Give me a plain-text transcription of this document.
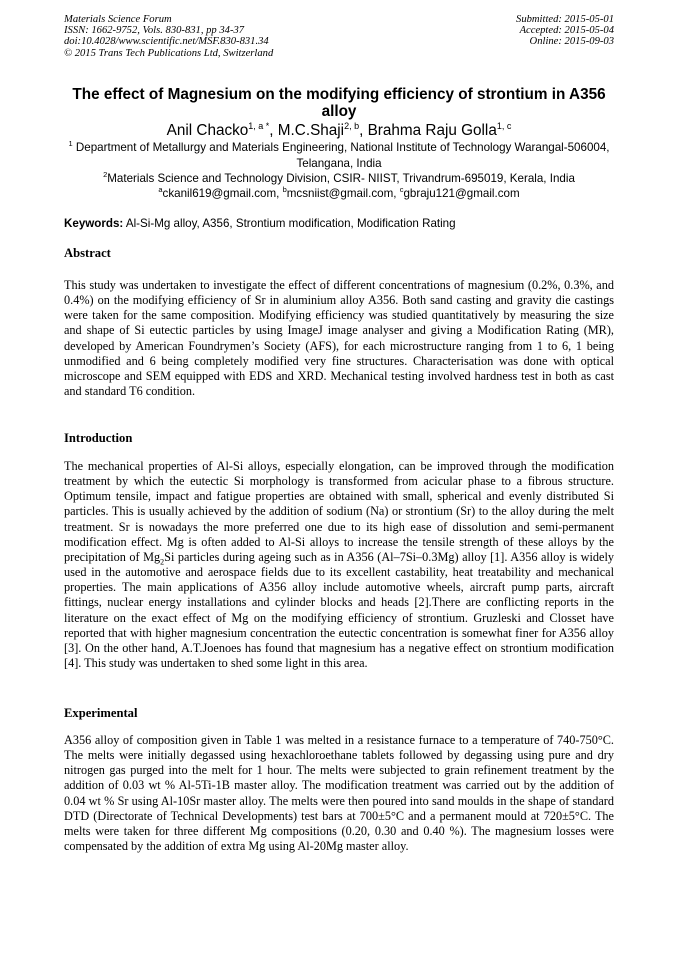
Materials Science Forum
ISSN: 1662-9752, Vols. 830-831, pp 34-37
doi:10.4028/www.scientific.net/MSF.830-831.34
© 2015 Trans Tech Publications Ltd, Switzerland
Submitted: 2015-05-01
Accepted: 2015-05-04
Online: 2015-09-03
The effect of Magnesium on the modifying efficiency of strontium in A356 alloy
Anil Chacko$^{1, a *}$, M.C.Shaji$^{2, b}$, Brahma Raju Golla$^{1, c}$
$^1$ Department of Metallurgy and Materials Engineering, National Institute of Technology Warangal-506004, Telangana, India
$^2$Materials Science and Technology Division, CSIR- NIIST, Trivandrum-695019, Kerala, India
$^a$ckanil619@gmail.com, $^b$mcsniist@gmail.com, $^c$gbraju121@gmail.com
Keywords: Al-Si-Mg alloy, A356, Strontium modification, Modification Rating
Abstract
This study was undertaken to investigate the effect of different concentrations of magnesium (0.2%, 0.3%, and 0.4%) on the modifying efficiency of Sr in aluminium alloy A356. Both sand casting and gravity die castings were taken for the same composition. Modifying efficiency was studied quantitatively by measuring the size and shape of Si eutectic particles by using ImageJ image analyser and giving a Modification Rating (MR), developed by American Foundrymen’s Society (AFS), for each microstructure ranging from 1 to 6, 1 being unmodified and 6 being completely modified very fine structures. Characterisation was done with optical microscope and SEM equipped with EDS and XRD. Mechanical testing involved hardness test in both as cast and standard T6 condition.
Introduction
The mechanical properties of Al-Si alloys, especially elongation, can be improved through the modification treatment by which the eutectic Si morphology is transformed from acicular phase to a fibrous structure. Optimum tensile, impact and fatigue properties are obtained with small, spherical and evenly distributed Si particles. This is usually achieved by the addition of sodium (Na) or strontium (Sr) to the alloy during the melt treatment. Sr is nowadays the more preferred one due to its high ease of dissolution and semi-permanent modification effect. Mg is often added to Al-Si alloys to increase the tensile strength of these alloys by the precipitation of $Mg_2Si$ particles during ageing such as in A356 (Al–7Si–0.3Mg) alloy [1]. A356 alloy is widely used in the automotive and aerospace fields due to its excellent castability, heat treatability and mechanical properties. The main applications of A356 alloy include automotive wheels, aircraft pump parts, aircraft fittings, nuclear energy installations and cylinder blocks and heads [2].There are conflicting reports in the literature on the exact effect of Mg on the modifying efficiency of strontium. Gruzleski and Closset have reported that with higher magnesium concentration the eutectic concentration is somewhat finer for A356 alloy [3]. On the other hand, A.T.Joenoes has found that magnesium has a negative effect on strontium modification [4]. This study was undertaken to shed some light in this area.
Experimental
A356 alloy of composition given in Table 1 was melted in a resistance furnace to a temperature of 740-750°C. The melts were initially degassed using hexachloroethane tablets followed by degassing using pure and dry nitrogen gas purged into the melt for 1 hour. The melts were subjected to grain refinement treatment by the addition of 0.03 wt % Al-5Ti-1B master alloy. The modification treatment was carried out by the addition of 0.04 wt % Sr using Al-10Sr master alloy. The melts were then poured into sand moulds in the shape of standard DTD (Directorate of Technical Developments) test bars at 700±5°C and a permanent mould at 720±5°C. The melts were taken for three different Mg compositions (0.20, 0.30 and 0.40 %). The magnesium losses were compensated by the addition of extra Mg using Al-20Mg master alloy.
